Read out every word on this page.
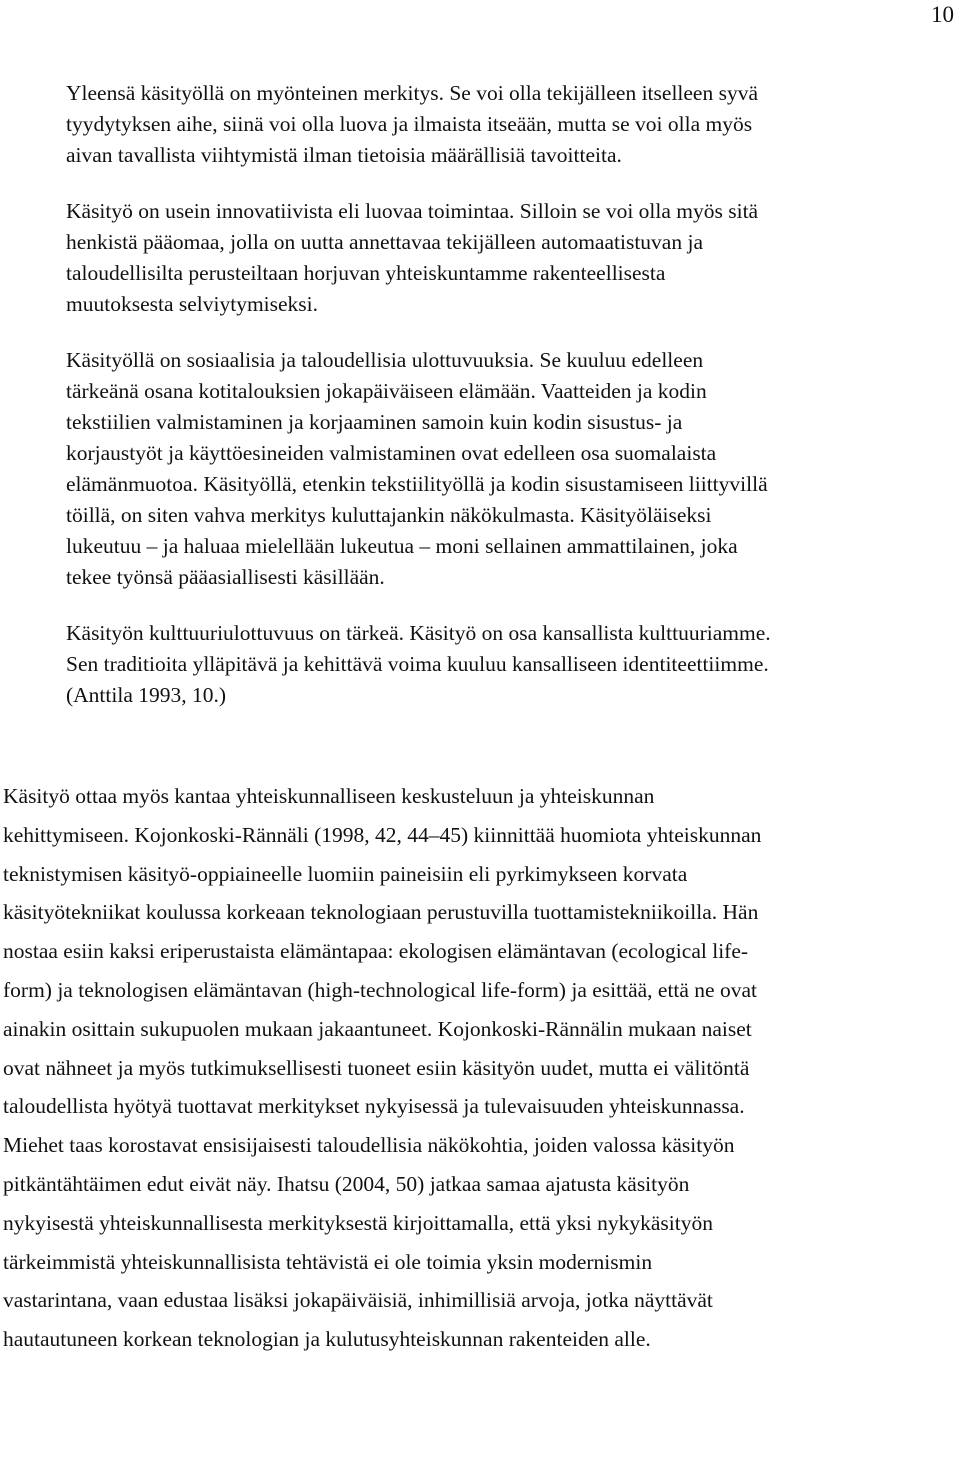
10

Yleensä käsityöllä on myönteinen merkitys. Se voi olla tekijälleen itselleen syvä
tyydytyksen aihe, siinä voi olla luova ja ilmaista itseään, mutta se voi olla myös
aivan tavallista viihtymistä ilman tietoisia määrällisiä tavoitteita.

Käsityö on usein innovatiivista eli luovaa toimintaa. Silloin se voi olla myös sitä
henkistä pääomaa, jolla on uutta annettavaa tekijälleen automaatistuvan ja
taloudellisilta perusteiltaan horjuvan yhteiskuntamme rakenteellisesta
muutoksesta selviytymiseksi.

Käsityöllä on sosiaalisia ja taloudellisia ulottuvuuksia. Se kuuluu edelleen
tärkeänä osana kotitalouksien jokapäiväiseen elämään. Vaatteiden ja kodin
tekstiilien valmistaminen ja korjaaminen samoin kuin kodin sisustus- ja
korjaustyöt ja käyttöesineiden valmistaminen ovat edelleen osa suomalaista
elämänmuotoa. Käsityöllä, etenkin tekstiilityöllä ja kodin sisustamiseen liittyvillä
töillä, on siten vahva merkitys kuluttajankin näkökulmasta. Käsityöläiseksi
lukeutuu – ja haluaa mielellään lukeutua – moni sellainen ammattilainen, joka
tekee työnsä pääasiallisesti käsillään.

Käsityön kulttuuriulottuvuus on tärkeä. Käsityö on osa kansallista kulttuuriamme.
Sen traditioita ylläpitävä ja kehittävä voima kuuluu kansalliseen identiteettiimme.
(Anttila 1993, 10.)

Käsityö ottaa myös kantaa yhteiskunnalliseen keskusteluun ja yhteiskunnan
kehittymiseen. Kojonkoski-Rännäli (1998, 42, 44–45) kiinnittää huomiota yhteiskunnan
teknistymisen käsityö-oppiaineelle luomiin paineisiin eli pyrkimykseen korvata
käsityötekniikat koulussa korkeaan teknologiaan perustuvilla tuottamistekniikoilla. Hän
nostaa esiin kaksi eriperustaista elämäntapaa: ekologisen elämäntavan (ecological life-
form) ja teknologisen elämäntavan (high-technological life-form) ja esittää, että ne ovat
ainakin osittain sukupuolen mukaan jakaantuneet. Kojonkoski-Rännälin mukaan naiset
ovat nähneet ja myös tutkimuksellisesti tuoneet esiin käsityön uudet, mutta ei välitöntä
taloudellista hyötyä tuottavat merkitykset nykyisessä ja tulevaisuuden yhteiskunnassa.
Miehet taas korostavat ensisijaisesti taloudellisia näkökohtia, joiden valossa käsityön
pitkäntähtäimen edut eivät näy. Ihatsu (2004, 50) jatkaa samaa ajatusta käsityön
nykyisestä yhteiskunnallisesta merkityksestä kirjoittamalla, että yksi nykykäsityön
tärkeimmistä yhteiskunnallisista tehtävistä ei ole toimia yksin modernismin
vastarintana, vaan edustaa lisäksi jokapäiväisiä, inhimillisiä arvoja, jotka näyttävät
hautautuneen korkean teknologian ja kulutusyhteiskunnan rakenteiden alle.
